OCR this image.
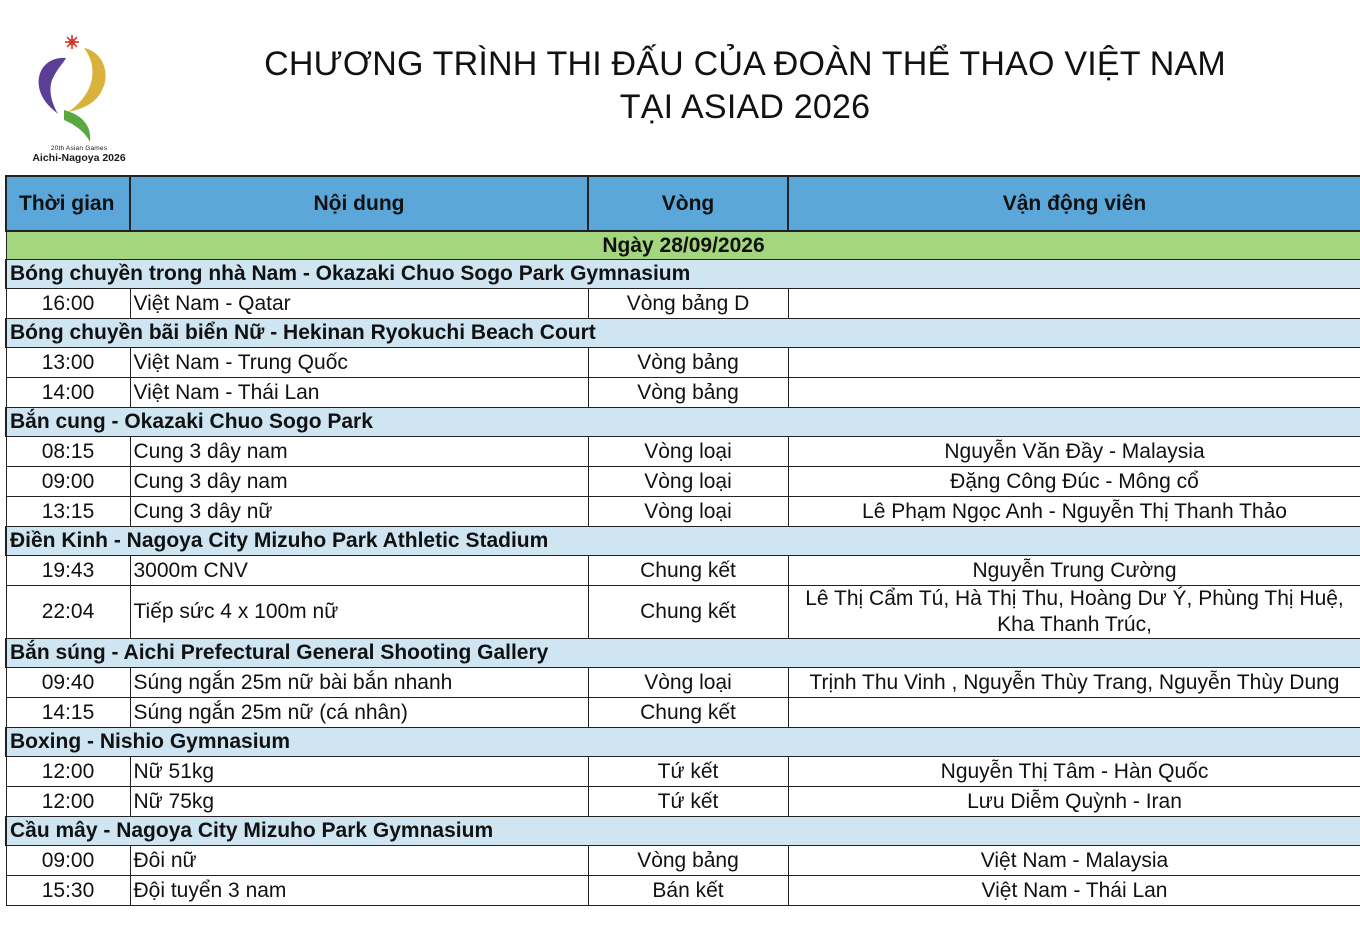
20th Asian Games
Aichi-Nagoya 2026
CHƯƠNG TRÌNH THI ĐẤU CỦA ĐOÀN THỂ THAO VIỆT NAM
TẠI ASIAD 2026
Thời gian	Nội dung	Vòng	Vận động viên
Ngày 28/09/2026			
Bóng chuyền trong nhà Nam - Okazaki Chuo Sogo Park Gymnasium			
16:00	Việt Nam - Qatar	Vòng bảng D	
Bóng chuyền bãi biển Nữ - Hekinan Ryokuchi Beach Court			
13:00	Việt Nam - Trung Quốc	Vòng bảng	
14:00	Việt Nam - Thái Lan	Vòng bảng	
Bắn cung - Okazaki Chuo Sogo Park			
08:15	Cung 3 dây nam	Vòng loại	Nguyễn Văn Đầy - Malaysia
09:00	Cung 3 dây nam	Vòng loại	Đặng Công Đúc - Mông cổ
13:15	Cung 3 dây nữ	Vòng loại	Lê Phạm Ngọc Anh - Nguyễn Thị Thanh Thảo
Điền Kinh - Nagoya City Mizuho Park Athletic Stadium			
19:43	3000m CNV	Chung kết	Nguyễn Trung Cường
22:04	Tiếp sức 4 x 100m nữ	Chung kết	Lê Thị Cẩm Tú, Hà Thị Thu, Hoàng Dư Ý, Phùng Thị Huệ, Kha Thanh Trúc,
Bắn súng - Aichi Prefectural General Shooting Gallery			
09:40	Súng ngắn 25m nữ bài bắn nhanh	Vòng loại	Trịnh Thu Vinh , Nguyễn Thùy Trang, Nguyễn Thùy Dung
14:15	Súng ngắn 25m nữ (cá nhân)	Chung kết	
Boxing - Nishio Gymnasium			
12:00	Nữ 51kg	Tứ kết	Nguyễn Thị Tâm - Hàn Quốc
12:00	Nữ 75kg	Tứ kết	Lưu Diễm Quỳnh - Iran
Cầu mây - Nagoya City Mizuho Park Gymnasium			
09:00	Đôi nữ	Vòng bảng	Việt Nam - Malaysia
15:30	Đội tuyển 3 nam	Bán kết	Việt Nam - Thái Lan
